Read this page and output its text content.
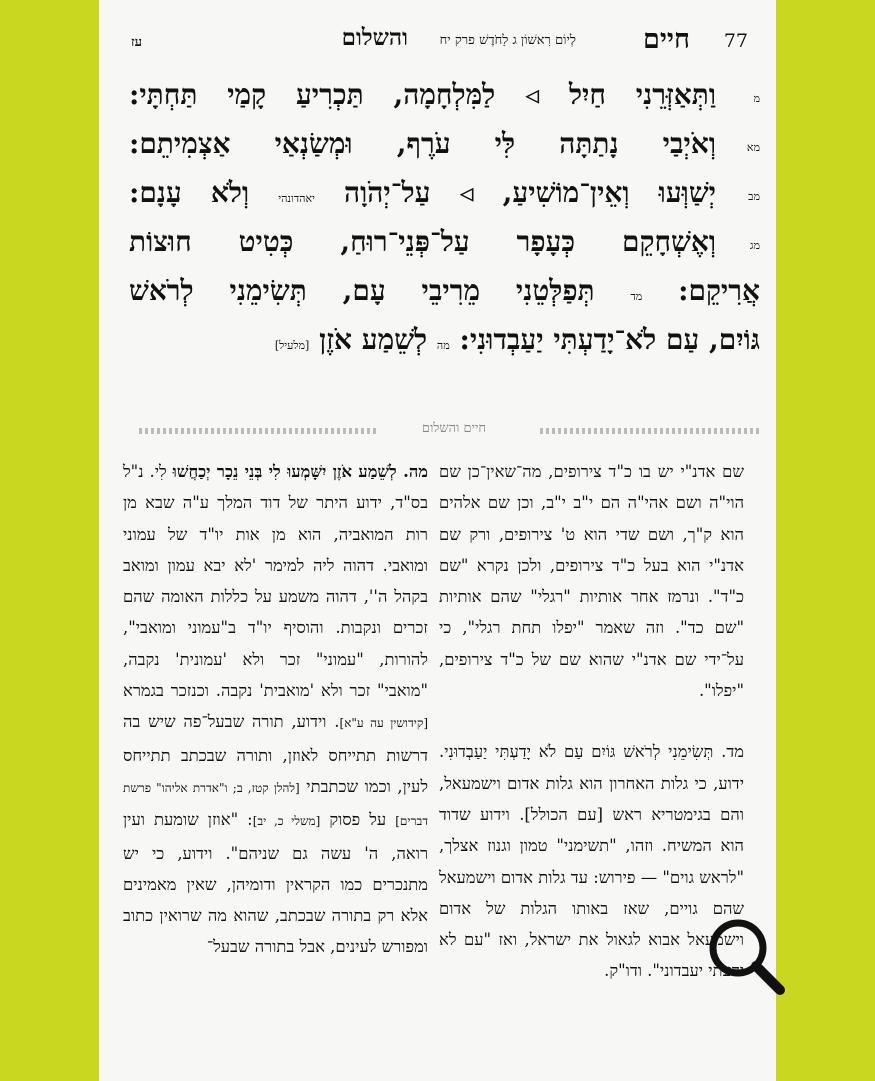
77
חיים
לְיוֹם רִאשׁוֹן ג לַחֹדֶשׁ פרק יח
והשלום
עז
מ
וַתְּאַזְּרֵנִי חַיִל ◃ לַמִּלְחָמָה, תַּכְרִיעַ קָמַי תַּחְתָּי:
מא
וְאֹיְבַי נָתַתָּה לִּי עֹרֶף, וּמְשַׂנְאַי אַצְמִיתֵם:
מב
יְשַׁוְּעוּ וְאֵין־מוֹשִׁיעַ, ◃ עַל־יְהֹוָה יאהדונהי וְלֹא עָנָם:
מג
וְאֶשְׁחָקֵם כְּעָפָר עַל־פְּנֵי־רוּחַ, כְּטִיט חוּצוֹת
אֲרִיקֵם: מד תְּפַלְּטֵנִי מֵרִיבֵי עָם, תְּשִׂימֵנִי לְרֹאשׁ
גּוֹיִם, עַם לֹא־יָדַעְתִּי יַעַבְדוּנִי: מה לְשֵׁמַע אֹזֶן [מלעיל]
חיים והשלום

שם אדנ"י יש בו כ"ד צירופים, מה־שאין־כן שם הוי"ה ושם אהי"ה הם י"ב י"ב, וכן שם אלהים הוא ק"ך, ושם שדי הוא ט' צירופים, ורק שם אדנ"י הוא בעל כ"ד צירופים, ולכן נקרא "שם כ"ד". ונרמז אחר אותיות "רגלי" שהם אותיות "שם כד". וזה שאמר "יפלו תחת רגלי", כי על־ידי שם אדנ"י שהוא שם של כ"ד צירופים, "יפלו".

מד. תְּשִׂימֵנִי לְרֹאשׁ גּוֹיִם עַם לֹא יָדַעְתִּי יַעַבְדוּנִי. ידוע, כי גלות האחרון הוא גלות אדום וישמעאל, והם בגימטריא ראש [עם הכולל]. וידוע שדוד הוא המשיח. וזהו, "תשימני" טמון וגנוז אצלך, "לראש גוים" — פירוש: עד גלות אדום וישמעאל שהם גויים, שאז באותו הגלות של אדום וישמעאל אבוא לגאול את ישראל, ואז "עם לא ידעתי יעבדוני". ודו"ק.

מה. לְשֵׁמַע אֹזֶן יִשָּׁמְעוּ לִי בְּנֵי נֵכָר יְכַחֲשׁוּ לִי. נ"ל בס"ד, ידוע היתר של דוד המלך ע"ה שבא מן רות המואביה, הוא מן אות יו"ד של עמוני ומואבי. דהוה ליה למימר 'לא יבא עמון ומואב בקהל ה'', דהוה משמע על כללות האומה שהם זכרים ונקבות. והוסיף יו"ד ב"עמוני ומואבי", להורות, "עמוני" זכר ולא 'עמונית' נקבה, "מואבי" זכר ולא 'מואבית' נקבה. וכנזכר בגמרא [קידושין עה ע"א]. וידוע, תורה שבעל־פה שיש בה דרשות תתייחס לאוזן, ותורה שבכתב תתייחס לעין, וכמו שכתבתי [להלן קטז, ב; ו"אדרת אליהו" פרשת דברים] על פסוק [משלי כ, יב]: "אוזן שומעת ועין רואה, ה' עשה גם שניהם". וידוע, כי יש מתנכרים כמו הקראין ודומיהן, שאין מאמינים אלא רק בתורה שבכתב, שהוא מה שרואין כתוב ומפורש לעינים, אבל בתורה שבעל־
